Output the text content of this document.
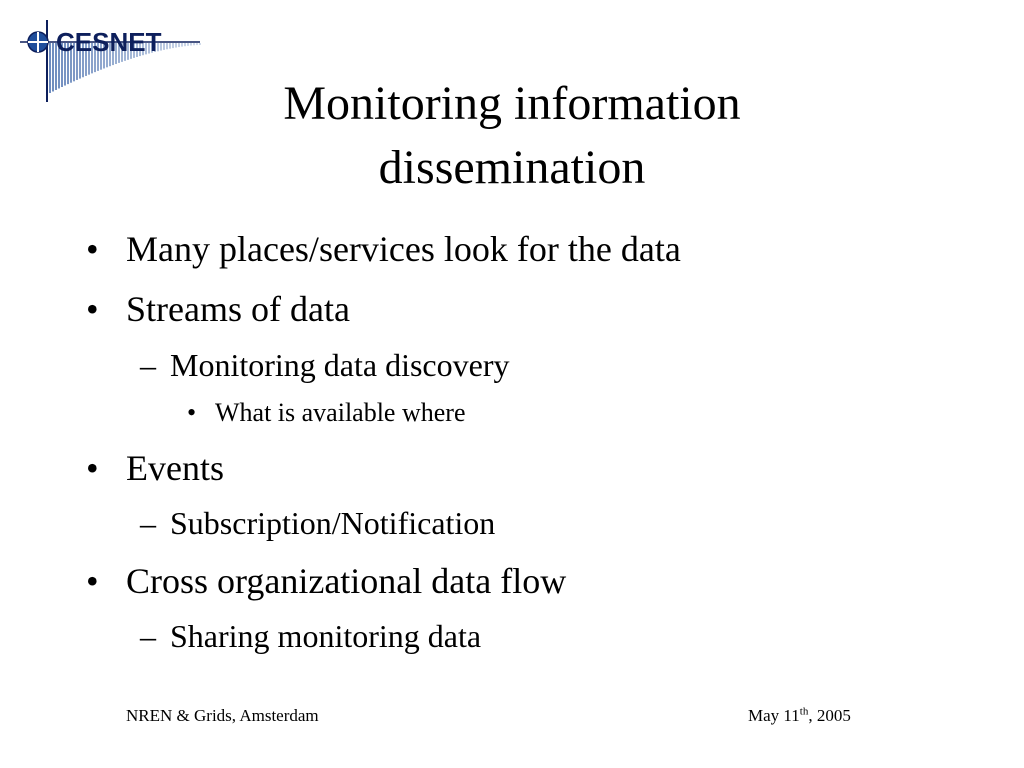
CESNET
Monitoring information
dissemination
• Many places/services look for the data
• Streams of data
– Monitoring data discovery
• What is available where
• Events
– Subscription/Notification
• Cross organizational data flow
– Sharing monitoring data
NREN & Grids, Amsterdam	May 11th, 2005
